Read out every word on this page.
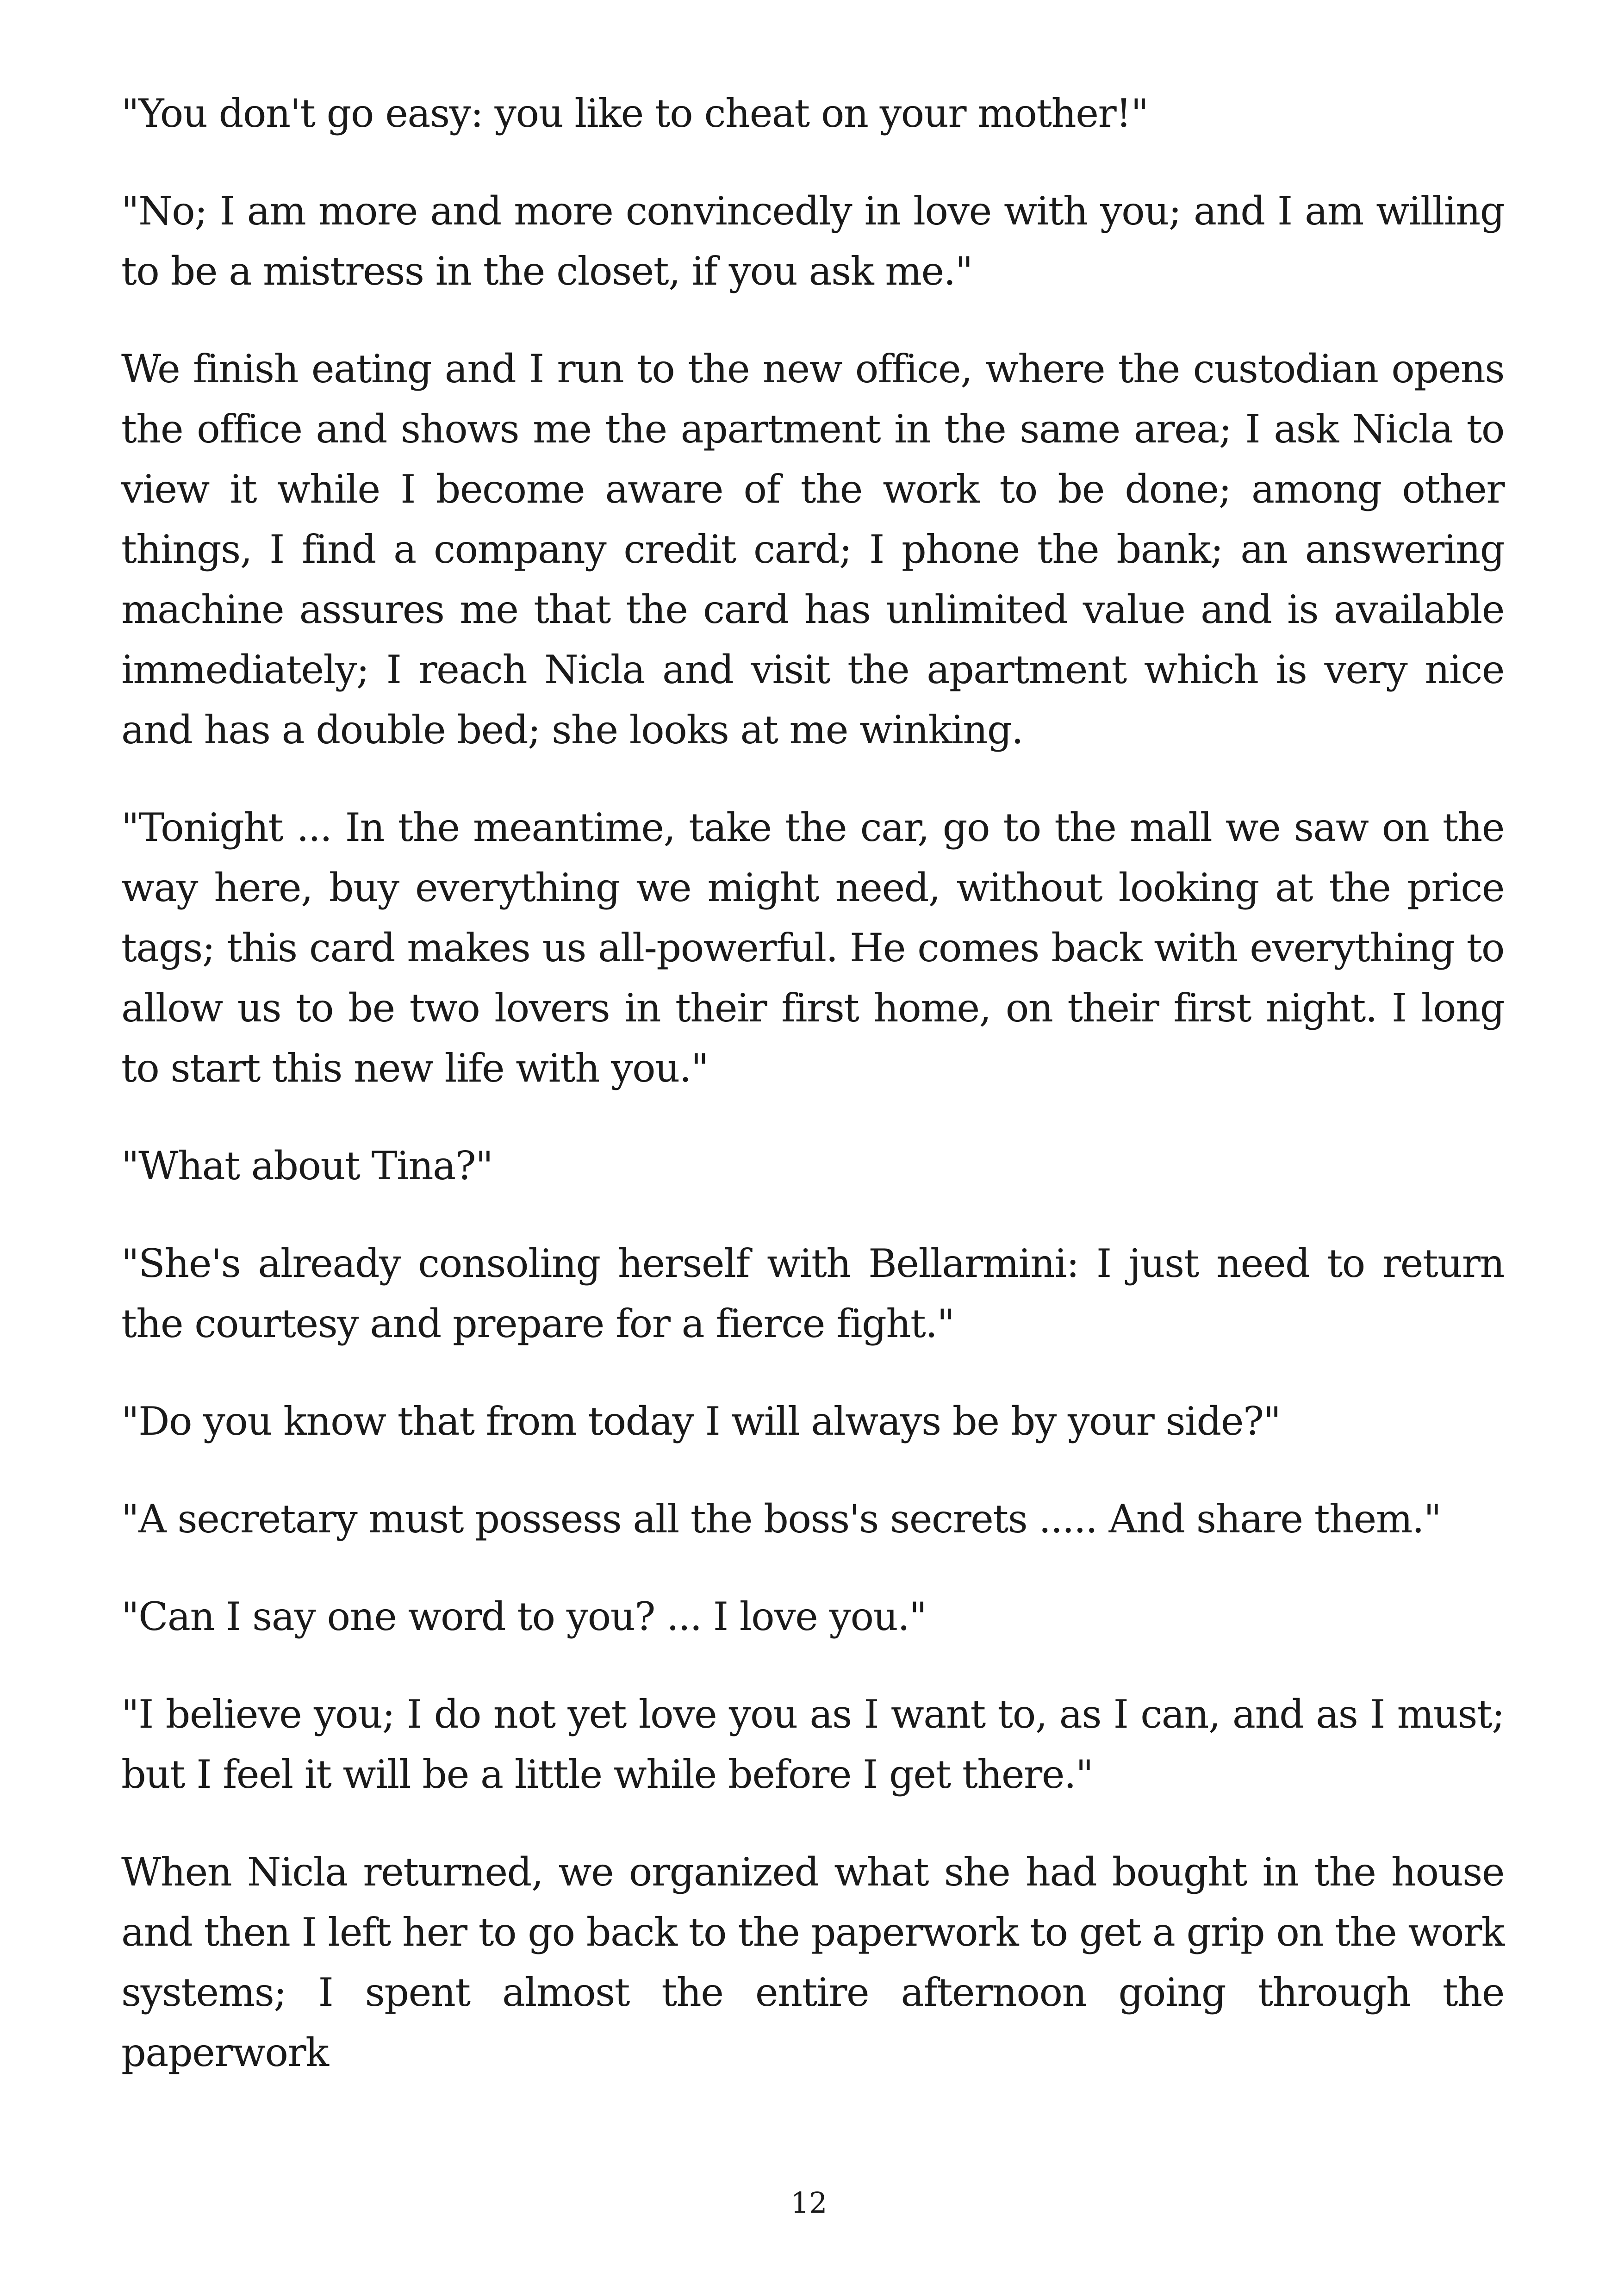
"You don't go easy: you like to cheat on your mother!"

"No; I am more and more convincedly in love with you; and I am willing to be a mistress in the closet, if you ask me."

We finish eating and I run to the new office, where the custodian opens the office and shows me the apartment in the same area; I ask Nicla to view it while I become aware of the work to be done; among other things, I find a company credit card; I phone the bank; an answering machine assures me that the card has unlimited value and is available immediately; I reach Nicla and visit the apartment which is very nice and has a double bed; she looks at me winking.

"Tonight ... In the meantime, take the car, go to the mall we saw on the way here, buy everything we might need, without looking at the price tags; this card makes us all-powerful. He comes back with everything to allow us to be two lovers in their first home, on their first night. I long to start this new life with you."

"What about Tina?"

"She's already consoling herself with Bellarmini: I just need to return the courtesy and prepare for a fierce fight."

"Do you know that from today I will always be by your side?"

"A secretary must possess all the boss's secrets ..... And share them."

"Can I say one word to you? ... I love you."

"I believe you; I do not yet love you as I want to, as I can, and as I must; but I feel it will be a little while before I get there."

When Nicla returned, we organized what she had bought in the house and then I left her to go back to the paperwork to get a grip on the work systems; I spent almost the entire afternoon going through the paperwork

12
